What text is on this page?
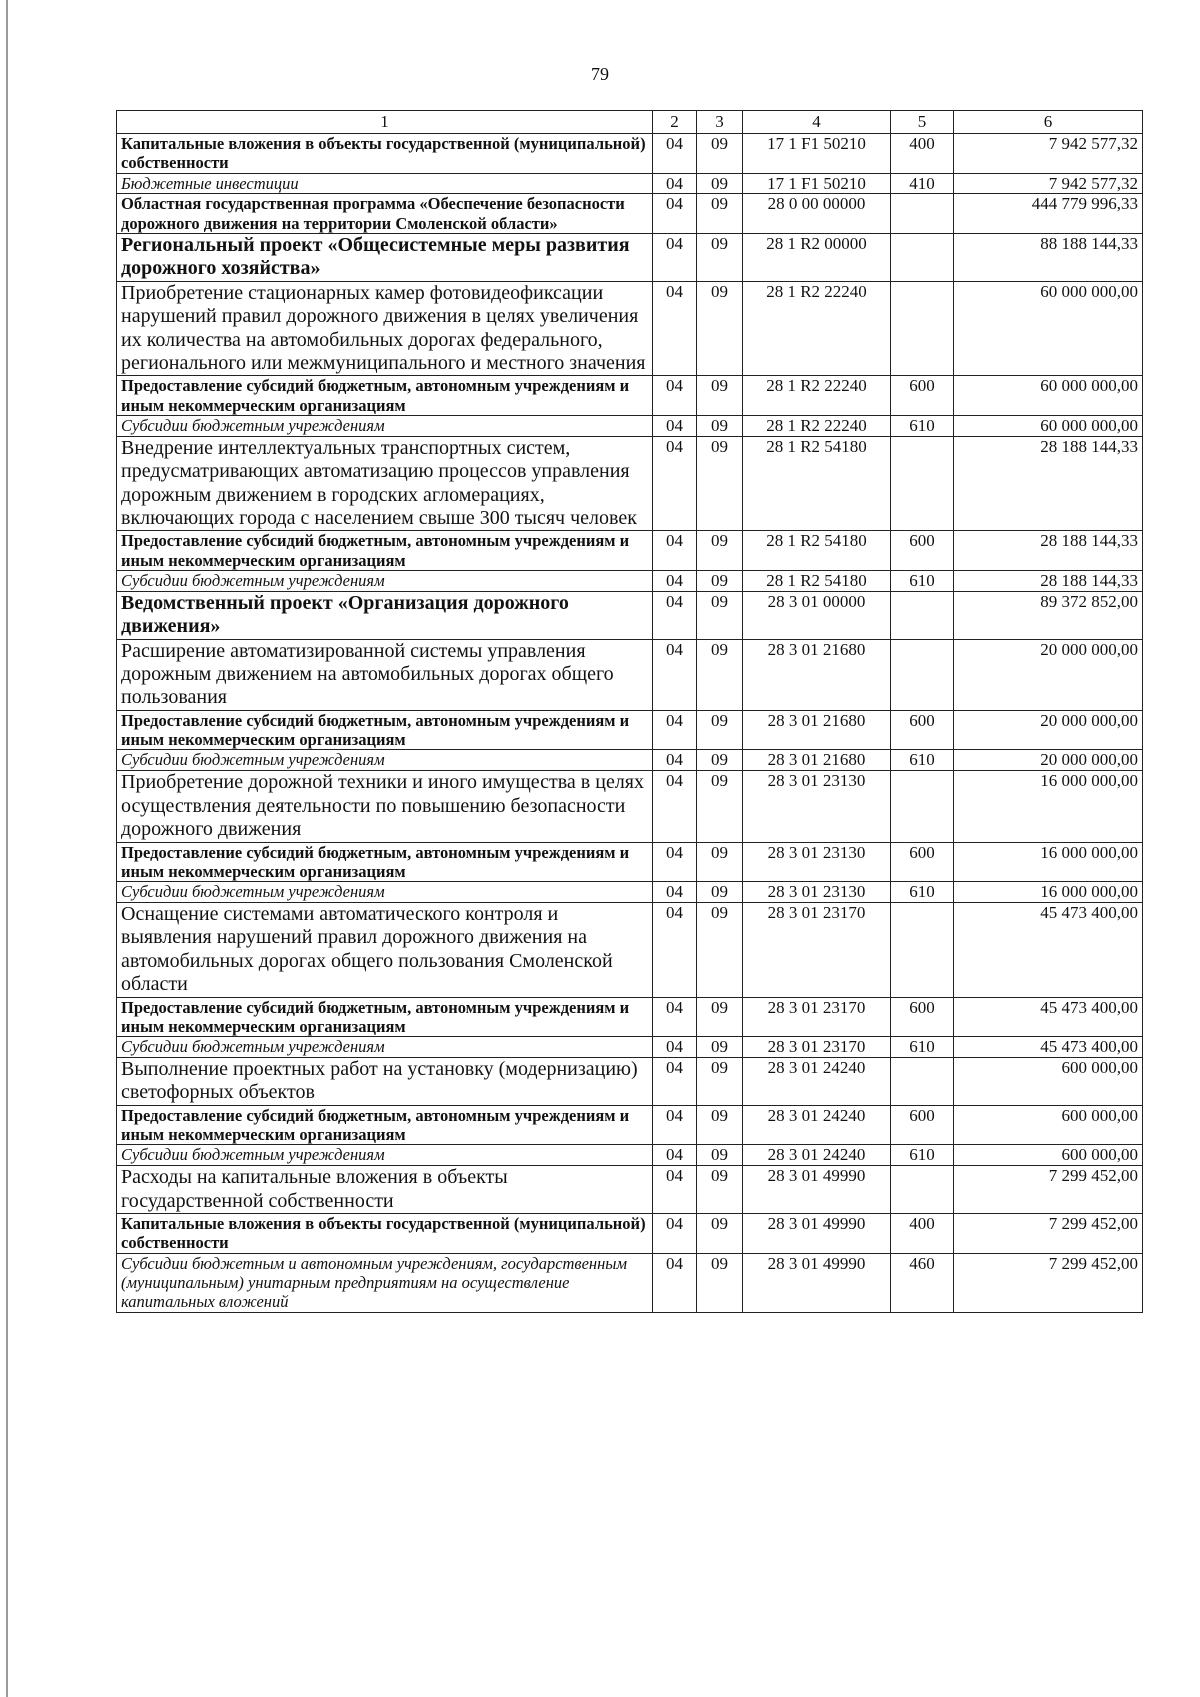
79
1	2	3	4	5	6
Капитальные вложения в объекты государственной (муниципальной) собственности	04	09	17 1 F1 50210	400	7 942 577,32
Бюджетные инвестиции	04	09	17 1 F1 50210	410	7 942 577,32
Областная государственная программа «Обеспечение безопасности дорожного движения на территории Смоленской области»	04	09	28 0 00 00000		444 779 996,33
Региональный проект «Общесистемные меры развития дорожного хозяйства»	04	09	28 1 R2 00000		88 188 144,33
Приобретение стационарных камер фотовидеофиксации нарушений правил дорожного движения в целях увеличения их количества на автомобильных дорогах федерального, регионального или межмуниципального и местного значения	04	09	28 1 R2 22240		60 000 000,00
Предоставление субсидий бюджетным, автономным учреждениям и иным некоммерческим организациям	04	09	28 1 R2 22240	600	60 000 000,00
Субсидии бюджетным учреждениям	04	09	28 1 R2 22240	610	60 000 000,00
Внедрение интеллектуальных транспортных систем, предусматривающих автоматизацию процессов управления дорожным движением в городских агломерациях, включающих города с населением свыше 300 тысяч человек	04	09	28 1 R2 54180		28 188 144,33
Предоставление субсидий бюджетным, автономным учреждениям и иным некоммерческим организациям	04	09	28 1 R2 54180	600	28 188 144,33
Субсидии бюджетным учреждениям	04	09	28 1 R2 54180	610	28 188 144,33
Ведомственный проект «Организация дорожного движения»	04	09	28 3 01 00000		89 372 852,00
Расширение автоматизированной системы управления дорожным движением на автомобильных дорогах общего пользования	04	09	28 3 01 21680		20 000 000,00
Предоставление субсидий бюджетным, автономным учреждениям и иным некоммерческим организациям	04	09	28 3 01 21680	600	20 000 000,00
Субсидии бюджетным учреждениям	04	09	28 3 01 21680	610	20 000 000,00
Приобретение дорожной техники и иного имущества в целях осуществления деятельности по повышению безопасности дорожного движения	04	09	28 3 01 23130		16 000 000,00
Предоставление субсидий бюджетным, автономным учреждениям и иным некоммерческим организациям	04	09	28 3 01 23130	600	16 000 000,00
Субсидии бюджетным учреждениям	04	09	28 3 01 23130	610	16 000 000,00
Оснащение системами автоматического контроля и выявления нарушений правил дорожного движения на автомобильных дорогах общего пользования Смоленской области	04	09	28 3 01 23170		45 473 400,00
Предоставление субсидий бюджетным, автономным учреждениям и иным некоммерческим организациям	04	09	28 3 01 23170	600	45 473 400,00
Субсидии бюджетным учреждениям	04	09	28 3 01 23170	610	45 473 400,00
Выполнение проектных работ на установку (модернизацию) светофорных объектов	04	09	28 3 01 24240		600 000,00
Предоставление субсидий бюджетным, автономным учреждениям и иным некоммерческим организациям	04	09	28 3 01 24240	600	600 000,00
Субсидии бюджетным учреждениям	04	09	28 3 01 24240	610	600 000,00
Расходы на капитальные вложения в объекты государственной собственности	04	09	28 3 01 49990		7 299 452,00
Капитальные вложения в объекты государственной (муниципальной) собственности	04	09	28 3 01 49990	400	7 299 452,00
Субсидии бюджетным и автономным учреждениям, государственным (муниципальным) унитарным предприятиям на осуществление капитальных вложений	04	09	28 3 01 49990	460	7 299 452,00
